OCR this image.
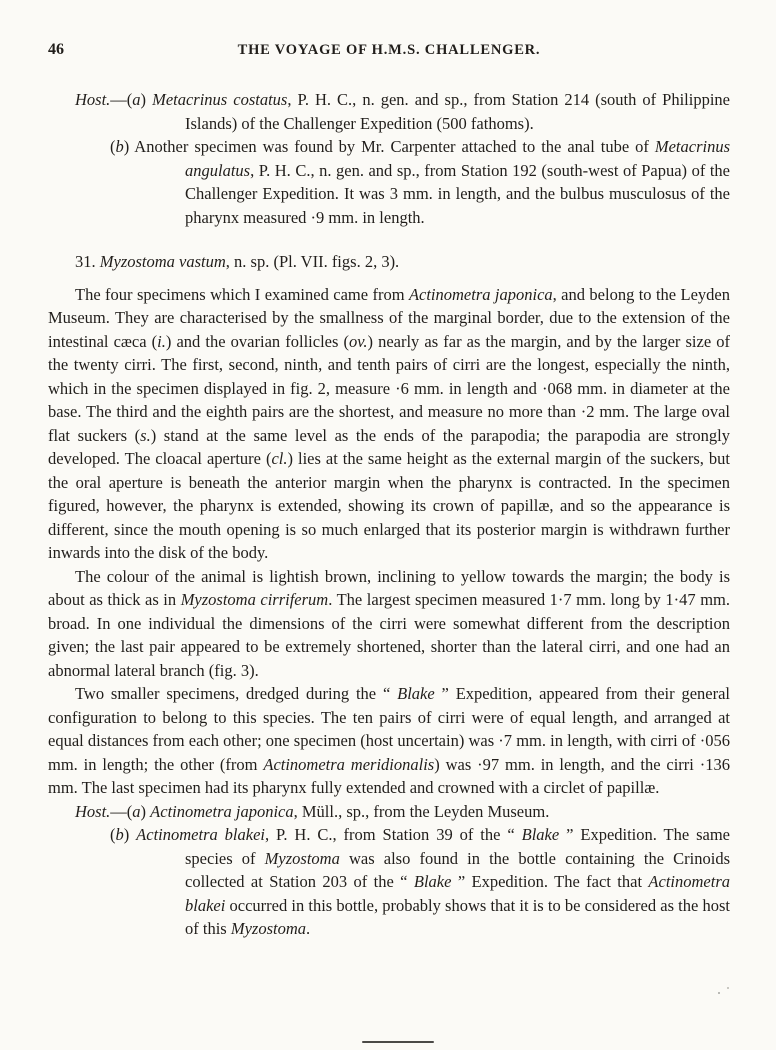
46	THE VOYAGE OF H.M.S. CHALLENGER.

Host.—(a) Metacrinus costatus, P. H. C., n. gen. and sp., from Station 214 (south of Philippine Islands) of the Challenger Expedition (500 fathoms).

(b) Another specimen was found by Mr. Carpenter attached to the anal tube of Metacrinus angulatus, P. H. C., n. gen. and sp., from Station 192 (south-west of Papua) of the Challenger Expedition. It was 3 mm. in length, and the bulbus musculosus of the pharynx measured ·9 mm. in length.

31. Myzostoma vastum, n. sp. (Pl. VII. figs. 2, 3).

The four specimens which I examined came from Actinometra japonica, and belong to the Leyden Museum. They are characterised by the smallness of the marginal border, due to the extension of the intestinal cæca (i.) and the ovarian follicles (ov.) nearly as far as the margin, and by the larger size of the twenty cirri. The first, second, ninth, and tenth pairs of cirri are the longest, especially the ninth, which in the specimen displayed in fig. 2, measure ·6 mm. in length and ·068 mm. in diameter at the base. The third and the eighth pairs are the shortest, and measure no more than ·2 mm. The large oval flat suckers (s.) stand at the same level as the ends of the parapodia; the parapodia are strongly developed. The cloacal aperture (cl.) lies at the same height as the external margin of the suckers, but the oral aperture is beneath the anterior margin when the pharynx is contracted. In the specimen figured, however, the pharynx is extended, showing its crown of papillæ, and so the appearance is different, since the mouth opening is so much enlarged that its posterior margin is withdrawn further inwards into the disk of the body.

The colour of the animal is lightish brown, inclining to yellow towards the margin; the body is about as thick as in Myzostoma cirriferum. The largest specimen measured 1·7 mm. long by 1·47 mm. broad. In one individual the dimensions of the cirri were somewhat different from the description given; the last pair appeared to be extremely shortened, shorter than the lateral cirri, and one had an abnormal lateral branch (fig. 3).

Two smaller specimens, dredged during the “ Blake ” Expedition, appeared from their general configuration to belong to this species. The ten pairs of cirri were of equal length, and arranged at equal distances from each other; one specimen (host uncertain) was ·7 mm. in length, with cirri of ·056 mm. in length; the other (from Actinometra meridionalis) was ·97 mm. in length, and the cirri ·136 mm. The last specimen had its pharynx fully extended and crowned with a circlet of papillæ.

Host.—(a) Actinometra japonica, Müll., sp., from the Leyden Museum.

(b) Actinometra blakei, P. H. C., from Station 39 of the “ Blake ” Expedition. The same species of Myzostoma was also found in the bottle containing the Crinoids collected at Station 203 of the “ Blake ” Expedition. The fact that Actinometra blakei occurred in this bottle, probably shows that it is to be considered as the host of this Myzostoma.
